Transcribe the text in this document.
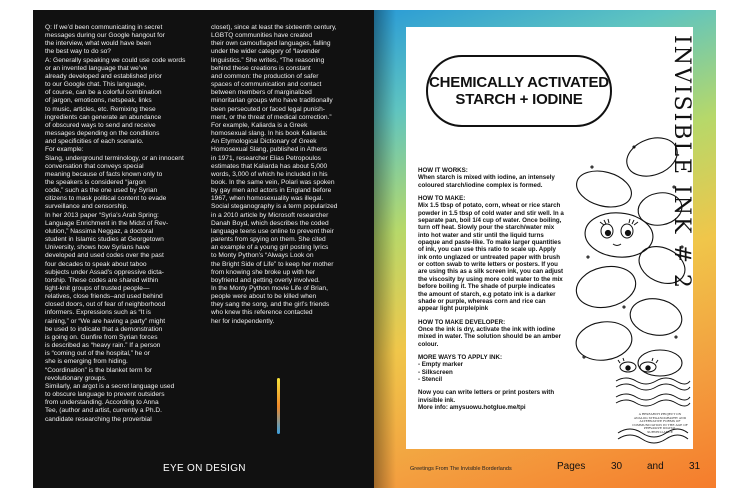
Q: If we’d been communicating in secret

messages during our Google hangout for

the interview, what would have been

the best way to do so?

A: Generally speaking we could use code words

or an invented language that we’ve

already developed and established prior

to our Google chat. This language,

of course, can be a colorful combination

of jargon, emoticons, netspeak, links

to music, articles, etc. Remixing these

ingredients can generate an abundance

of obscured ways to send and receive

messages depending on the conditions

and specificities of each scenario.

For example:

Slang, underground terminology, or an innocent

conversation that conveys special

meaning because of facts known only to

the speakers is considered “jargon

code,” such as the one used by Syrian

citizens to mask political content to evade

surveillance and censorship.

In her 2013 paper “Syria’s Arab Spring:

Language Enrichment in the Midst of Rev-

olution,” Nassima Neggaz, a doctoral

student in Islamic studies at Georgetown

University, shows how Syrians have

developed and used codes over the past

four decades to speak about taboo

subjects under Assad’s oppressive dicta-

torship. These codes are shared within

tight-knit groups of trusted people—

relatives, close friends–and used behind

closed doors, out of fear of neighborhood

informers. Expressions such as “It is

raining,” or “We are having a party” might

be used to indicate that a demonstration

is going on. Gunfire from Syrian forces

is described as “heavy rain.” If a person

is “coming out of the hospital,” he or

she is emerging from hiding.

“Coordination” is the blanket term for

revolutionary groups.

Similarly, an argot is a secret language used

to obscure language to prevent outsiders

from understanding. According to Anna

Tee, (author and artist, currently a Ph.D.

candidate researching the proverbial

closet), since at least the sixteenth century,

LGBTQ communities have created

their own camouflaged languages, falling

under the wider category of “lavender

linguistics.” She writes, “The reasoning

behind these creations is constant

and common: the production of safer

spaces of communication and contact

between members of marginalized

minoritarian groups who have traditionally

been persecuted or faced legal punish-

ment, or the threat of medical correction.”

For example, Kaliarda is a Greek

homosexual slang. In his book Kaliarda:

An Etymological Dictionary of Greek

Homosexual Slang, published in Athens

in 1971, researcher Elias Petropoulos

estimates that Kaliarda has about 5,000

words, 3,000 of which he included in his

book. In the same vein, Polari was spoken

by gay men and actors in England before

1967, when homosexuality was illegal.

Social steganography is a term popularized

in a 2010 article by Microsoft researcher

Danah Boyd, which describes the coded

language teens use online to prevent their

parents from spying on them. She cited

an example of a young girl posting lyrics

to Monty Python’s “Always Look on

the Bright Side of Life” to keep her mother

from knowing she broke up with her

boyfriend and getting overly involved.

In the Monty Python movie Life of Brian,

people were about to be killed when

they sang the song, and the girl’s friends

who knew this reference contacted

her for independently.

EYE ON DESIGN
CHEMICALLY ACTIVATED
STARCH + IODINE	INVISIBLE INK # 2

HOW IT WORKS:

When starch is mixed with iodine, an intensely coloured starch/iodine complex is formed.

HOW TO MAKE:

Mix 1.5 tbsp of potato, corn, wheat or rice starch powder in 1.5 tbsp of cold water and stir well. In a separate pan, boil 1/4 cup of water. Once boiling, turn off heat. Slowly pour the starch/water mix into hot water and stir until the liquid turns opaque and paste-like. To make larger quantities of ink, you can use this ratio to scale up. Apply ink onto unglazed or untreated paper with brush or cotton swab to write letters or posters. If you are using this as a silk screen ink, you can adjust the viscosity by using more cold water to the mix before boiling it. The shade of purple indicates the amount of starch, e.g potato ink is a darker shade or purple, whereas corn and rice can appear light purple/pink

HOW TO MAKE DEVELOPER:

Once the ink is dry, activate the ink with iodine mixed in water. The solution should be an amber colour.

MORE WAYS TO APPLY INK:

- Empty marker

- Silkscreen

- Stencil

Now you can write letters or print posters with invisible ink.

More info: amysuowu.hotglue.me/tpi

A RESEARCH PROJECT ON ANALOG STEGANOGRAPHY AND ALTERNATIVE FORMS OF COMMUNICATION IN THE AGE OF PERVASIVE DIGITAL SURVEILLANCE
Greetings From The Invisible Borderlands	Pages	30 and	31
